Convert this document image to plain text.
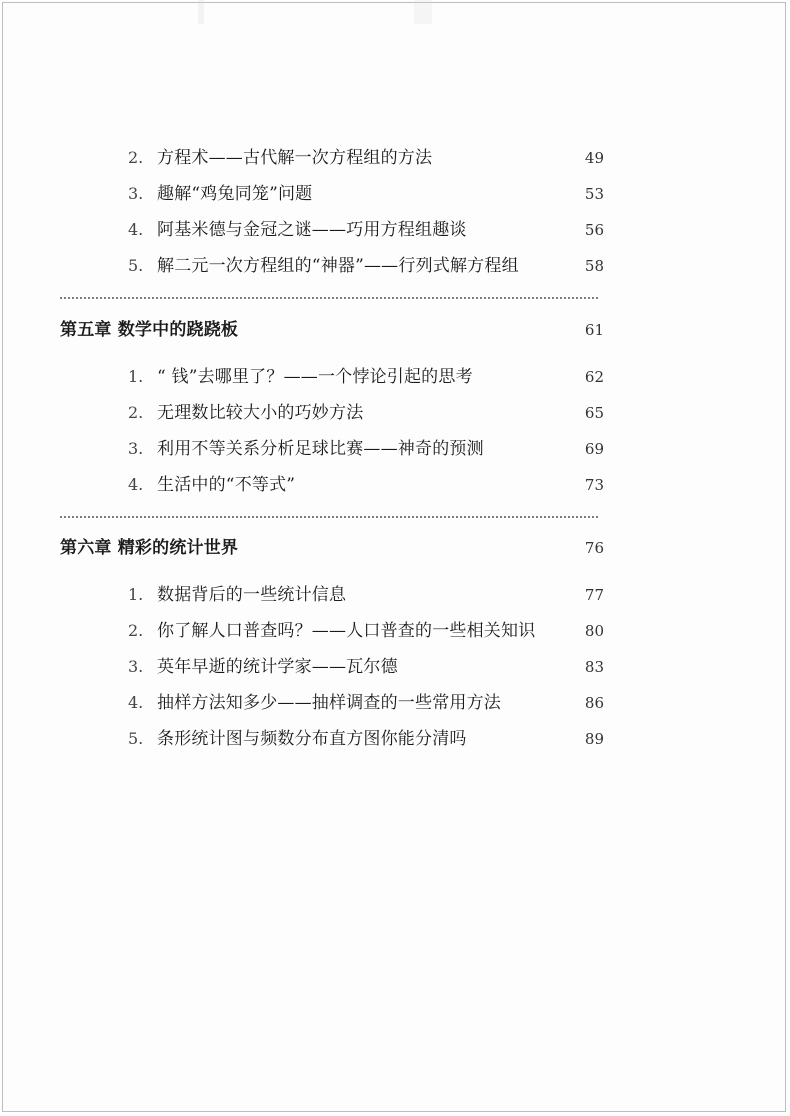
2. 方程术——古代解一次方程组的方法	49
3. 趣解“鸡兔同笼”问题	53
4. 阿基米德与金冠之谜——巧用方程组趣谈	56
5. 解二元一次方程组的“神器”——行列式解方程组	58
第五章 数学中的跷跷板	61
1. “ 钱”去哪里了？——一个悖论引起的思考	62
2. 无理数比较大小的巧妙方法	65
3. 利用不等关系分析足球比赛——神奇的预测	69
4. 生活中的“不等式”	73
第六章 精彩的统计世界	76
1. 数据背后的一些统计信息	77
2. 你了解人口普查吗？——人口普查的一些相关知识	80
3. 英年早逝的统计学家——瓦尔德	83
4. 抽样方法知多少——抽样调查的一些常用方法	86
5. 条形统计图与频数分布直方图你能分清吗	89
